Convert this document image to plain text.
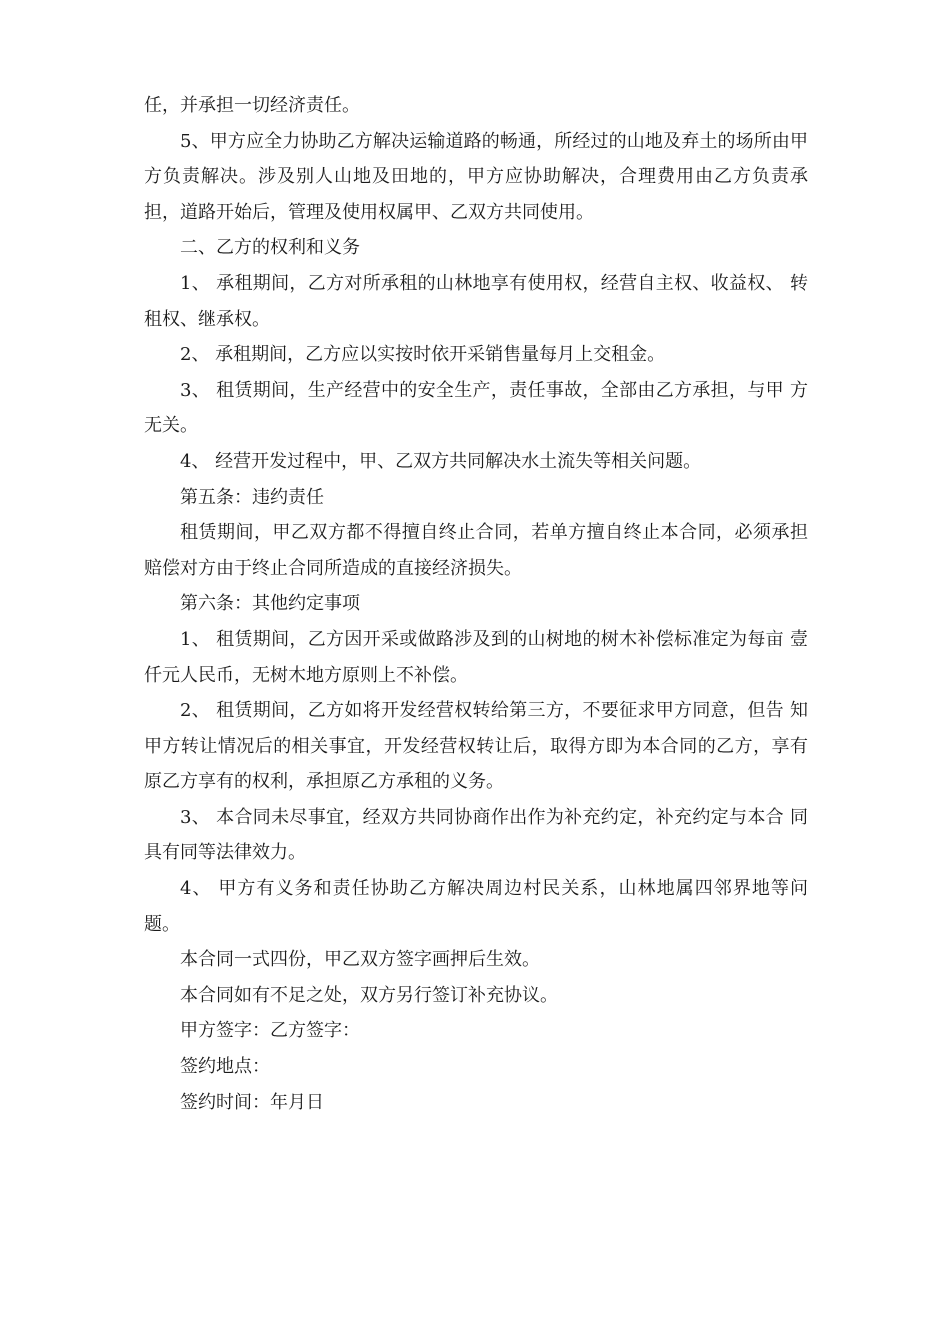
任，并承担一切经济责任。

5、甲方应全力协助乙方解决运输道路的畅通，所经过的山地及弃土的场所由甲方负责解决。涉及别人山地及田地的，甲方应协助解决，合理费用由乙方负责承担，道路开始后，管理及使用权属甲、乙双方共同使用。

二、乙方的权利和义务

1、 承租期间，乙方对所承租的山林地享有使用权，经营自主权、收益权、 转租权、继承权。

2、 承租期间，乙方应以实按时依开采销售量每月上交租金。

3、 租赁期间，生产经营中的安全生产，责任事故，全部由乙方承担，与甲 方无关。

4、 经营开发过程中，甲、乙双方共同解决水土流失等相关问题。

第五条：违约责任

租赁期间，甲乙双方都不得擅自终止合同，若单方擅自终止本合同，必须承担赔偿对方由于终止合同所造成的直接经济损失。

第六条：其他约定事项

1、 租赁期间，乙方因开采或做路涉及到的山树地的树木补偿标准定为每亩 壹仟元人民币，无树木地方原则上不补偿。

2、 租赁期间，乙方如将开发经营权转给第三方，不要征求甲方同意，但告 知甲方转让情况后的相关事宜，开发经营权转让后，取得方即为本合同的乙方，享有原乙方享有的权利，承担原乙方承租的义务。

3、 本合同未尽事宜，经双方共同协商作出作为补充约定，补充约定与本合 同具有同等法律效力。

4、 甲方有义务和责任协助乙方解决周边村民关系，山林地属四邻界地等问 题。

本合同一式四份，甲乙双方签字画押后生效。

本合同如有不足之处，双方另行签订补充协议。

甲方签字：乙方签字：

签约地点：

签约时间：年月日
